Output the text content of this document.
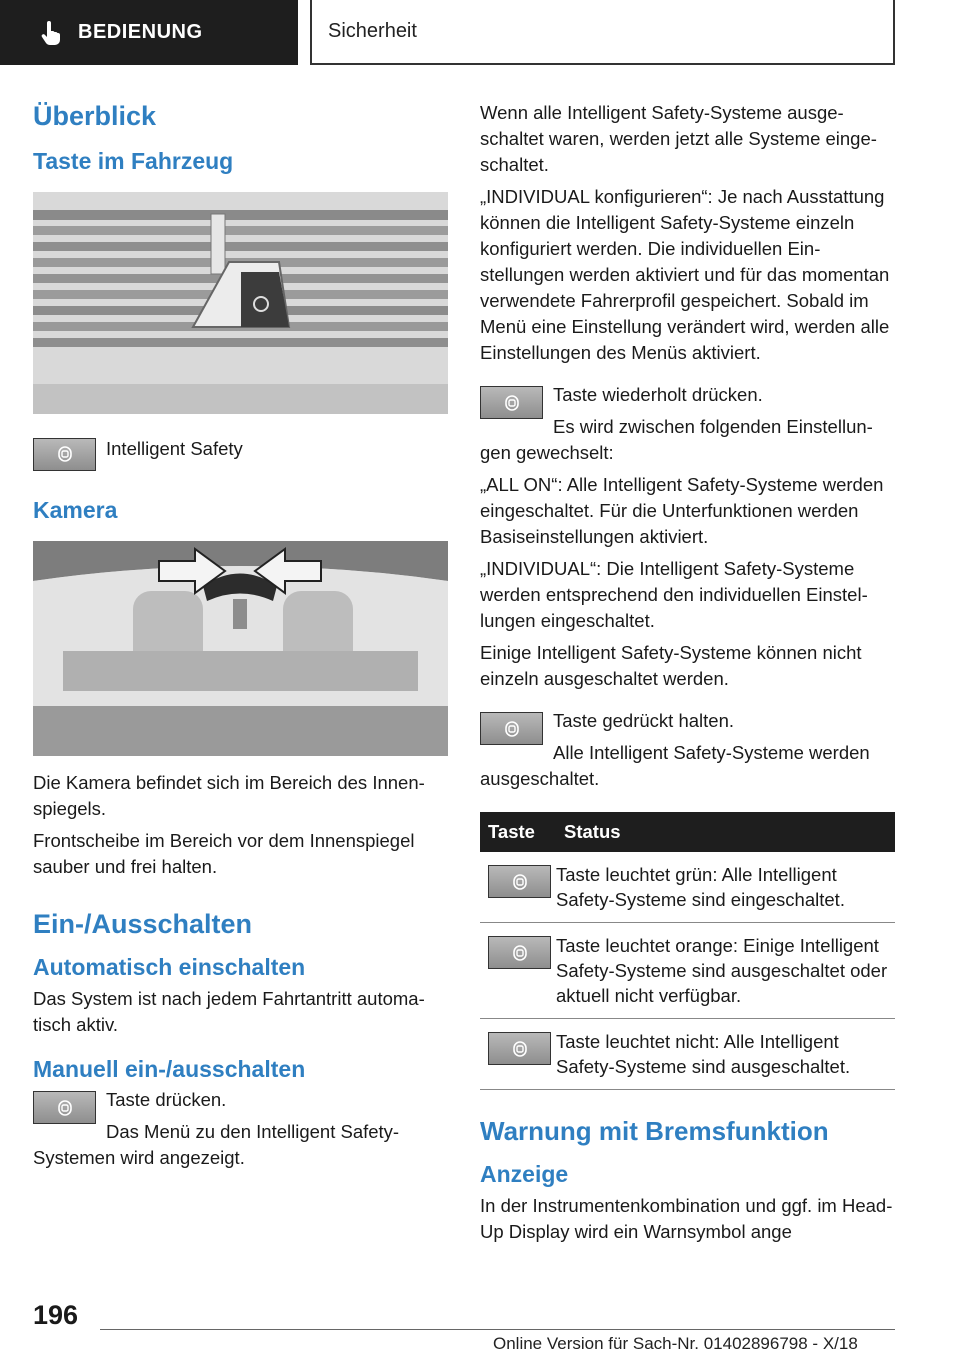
BEDIENUNG	Sicherheit
Überblick
Taste im Fahrzeug

Intelligent Safety

Kamera

Die Kamera befindet sich im Bereich des Innenspiegels.

Frontscheibe im Bereich vor dem Innenspiegel sauber und frei halten.

Ein-/Ausschalten
Automatisch einschalten

Das System ist nach jedem Fahrtantritt automatisch aktiv.

Manuell ein-/ausschalten

Taste drücken.

Das Menü zu den Intelligent Safety-Systemen wird angezeigt.

Wenn alle Intelligent Safety-Systeme ausgeschaltet waren, werden jetzt alle Systeme eingeschaltet.

„INDIVIDUAL konfigurieren“: Je nach Ausstattung können die Intelligent Safety-Systeme einzeln konfiguriert werden. Die individuellen Einstellungen werden aktiviert und für das momentan verwendete Fahrerprofil gespeichert. Sobald im Menü eine Einstellung verändert wird, werden alle Einstellungen des Menüs aktiviert.

Taste wiederholt drücken.

Es wird zwischen folgenden Einstellungen gewechselt:

„ALL ON“: Alle Intelligent Safety-Systeme werden eingeschaltet. Für die Unterfunktionen werden Basiseinstellungen aktiviert.

„INDIVIDUAL“: Die Intelligent Safety-Systeme werden entsprechend den individuellen Einstellungen eingeschaltet.

Einige Intelligent Safety-Systeme können nicht einzeln ausgeschaltet werden.

Taste gedrückt halten.

Alle Intelligent Safety-Systeme werden ausgeschaltet.

Taste	Status

	Taste leuchtet grün: Alle Intelligent Safety-Systeme sind eingeschaltet.

	Taste leuchtet orange: Einige Intelligent Safety-Systeme sind ausgeschaltet oder aktuell nicht verfügbar.

	Taste leuchtet nicht: Alle Intelligent Safety-Systeme sind ausgeschaltet.
Warnung mit Bremsfunktion
Anzeige

In der Instrumentenkombination und ggf. im Head-Up Display wird ein Warnsymbol ange

196
Online Version für Sach-Nr. 01402896798 - X/18
